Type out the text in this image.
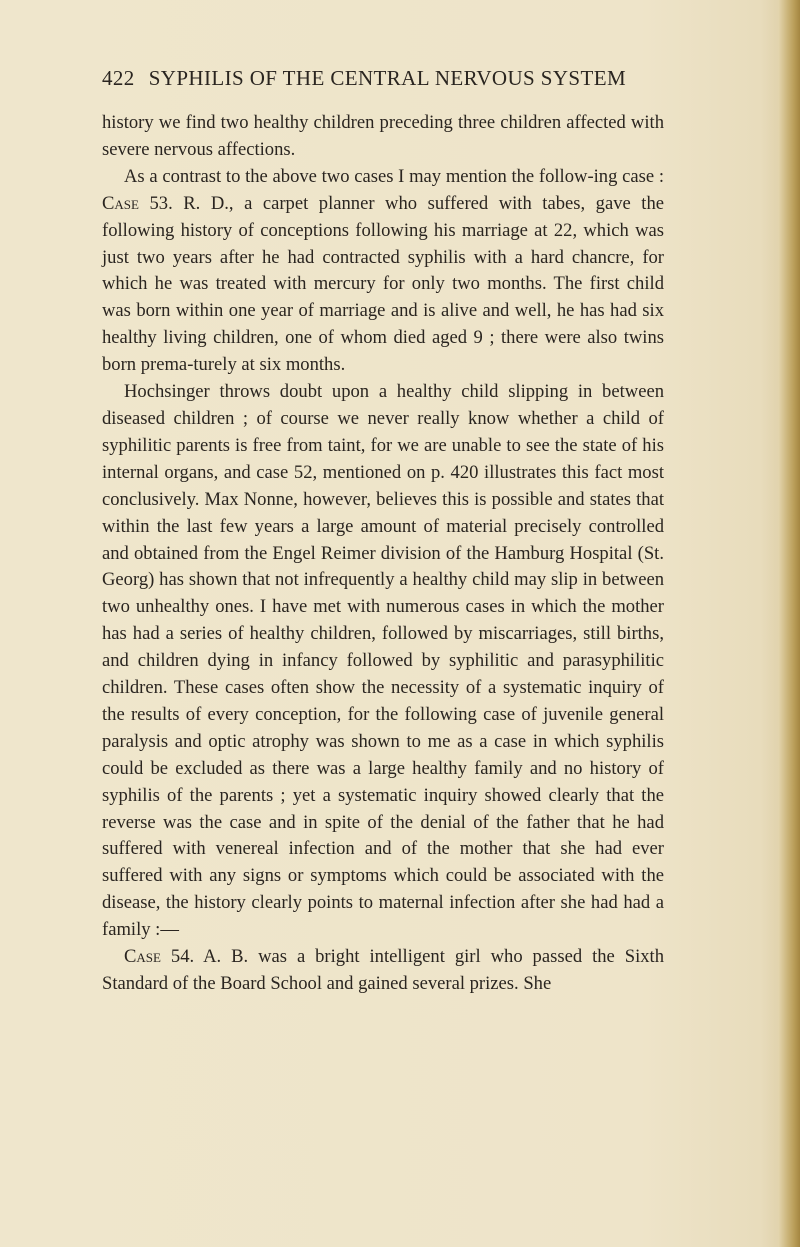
422 SYPHILIS OF THE CENTRAL NERVOUS SYSTEM

history we find two healthy children preceding three children affected with severe nervous affections.

As a contrast to the above two cases I may mention the follow-ing case : Case 53. R. D., a carpet planner who suffered with tabes, gave the following history of conceptions following his marriage at 22, which was just two years after he had contracted syphilis with a hard chancre, for which he was treated with mercury for only two months. The first child was born within one year of marriage and is alive and well, he has had six healthy living children, one of whom died aged 9 ; there were also twins born prema-turely at six months.

Hochsinger throws doubt upon a healthy child slipping in between diseased children ; of course we never really know whether a child of syphilitic parents is free from taint, for we are unable to see the state of his internal organs, and case 52, mentioned on p. 420 illustrates this fact most conclusively. Max Nonne, however, believes this is possible and states that within the last few years a large amount of material precisely controlled and obtained from the Engel Reimer division of the Hamburg Hospital (St. Georg) has shown that not infrequently a healthy child may slip in between two unhealthy ones. I have met with numerous cases in which the mother has had a series of healthy children, followed by miscarriages, still births, and children dying in infancy followed by syphilitic and parasyphilitic children. These cases often show the necessity of a systematic inquiry of the results of every conception, for the following case of juvenile general paralysis and optic atrophy was shown to me as a case in which syphilis could be excluded as there was a large healthy family and no history of syphilis of the parents ; yet a systematic inquiry showed clearly that the reverse was the case and in spite of the denial of the father that he had suffered with venereal infection and of the mother that she had ever suffered with any signs or symptoms which could be associated with the disease, the history clearly points to maternal infection after she had had a family :—

Case 54. A. B. was a bright intelligent girl who passed the Sixth Standard of the Board School and gained several prizes. She
